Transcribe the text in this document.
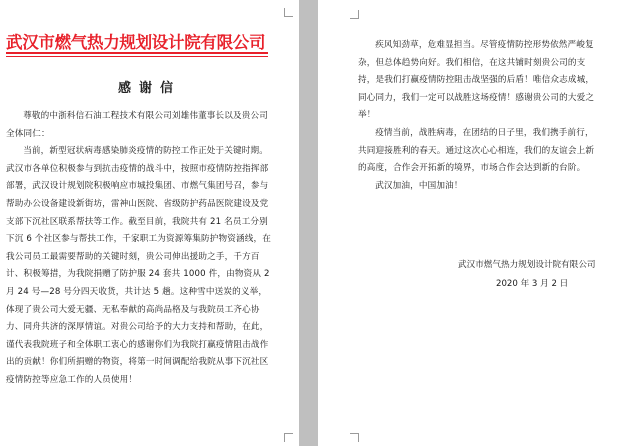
武汉市燃气热力规划设计院有限公司
感谢信

尊敬的中浙科信石油工程技术有限公司刘雄伟董事长以及贵公司全体同仁：

当前，新型冠状病毒感染肺炎疫情的防控工作正处于关键时期。武汉市各单位积极参与到抗击疫情的战斗中，按照市疫情防控指挥部部署，武汉设计规划院积极响应市城投集团、市燃气集团号召，参与帮助办公设备建设新街坊，雷神山医院、省级防护药品医院建设及党支部下沉社区联系帮扶等工作。截至目前，我院共有 21 名员工分别下沉 6 个社区参与帮扶工作，千家职工为资源筹集防护物资涵线，在我公司员工最需要帮助的关键时刻，贵公司伸出援助之手，千方百计、积极筹措，为我院捐赠了防护服 24 套共 1000 件，由物资从 2 月 24 号—28 号分四天收货，共计达 5 趟。这种雪中送炭的义举，体现了贵公司大爱无疆、无私奉献的高尚品格及与我院员工齐心协力、同舟共济的深厚情谊。对贵公司给予的大力支持和帮助，在此，谨代表我院班子和全体职工衷心的感谢你们为我院打赢疫情阻击战作出的贡献！你们所捐赠的物资，将第一时间调配给我院从事下沉社区疫情防控等应急工作的人员使用！

疾风知劲草，危难显担当。尽管疫情防控形势依然严峻复杂，但总体趋势向好。我们相信，在这共铺时刻贵公司的支持，是我们打赢疫情防控阻击战坚强的后盾！唯信众志成城，同心同力，我们一定可以战胜这场疫情！感谢贵公司的大爱之举！

疫情当前，战胜病毒，在团结的日子里，我们携手前行，共同迎接胜利的春天。通过这次心心相连，我们的友谊会上新的高度，合作会开拓新的境界，市场合作会达到新的台阶。

武汉加油，中国加油！

武汉市燃气热力规划设计院有限公司
2020 年 3 月 2 日
